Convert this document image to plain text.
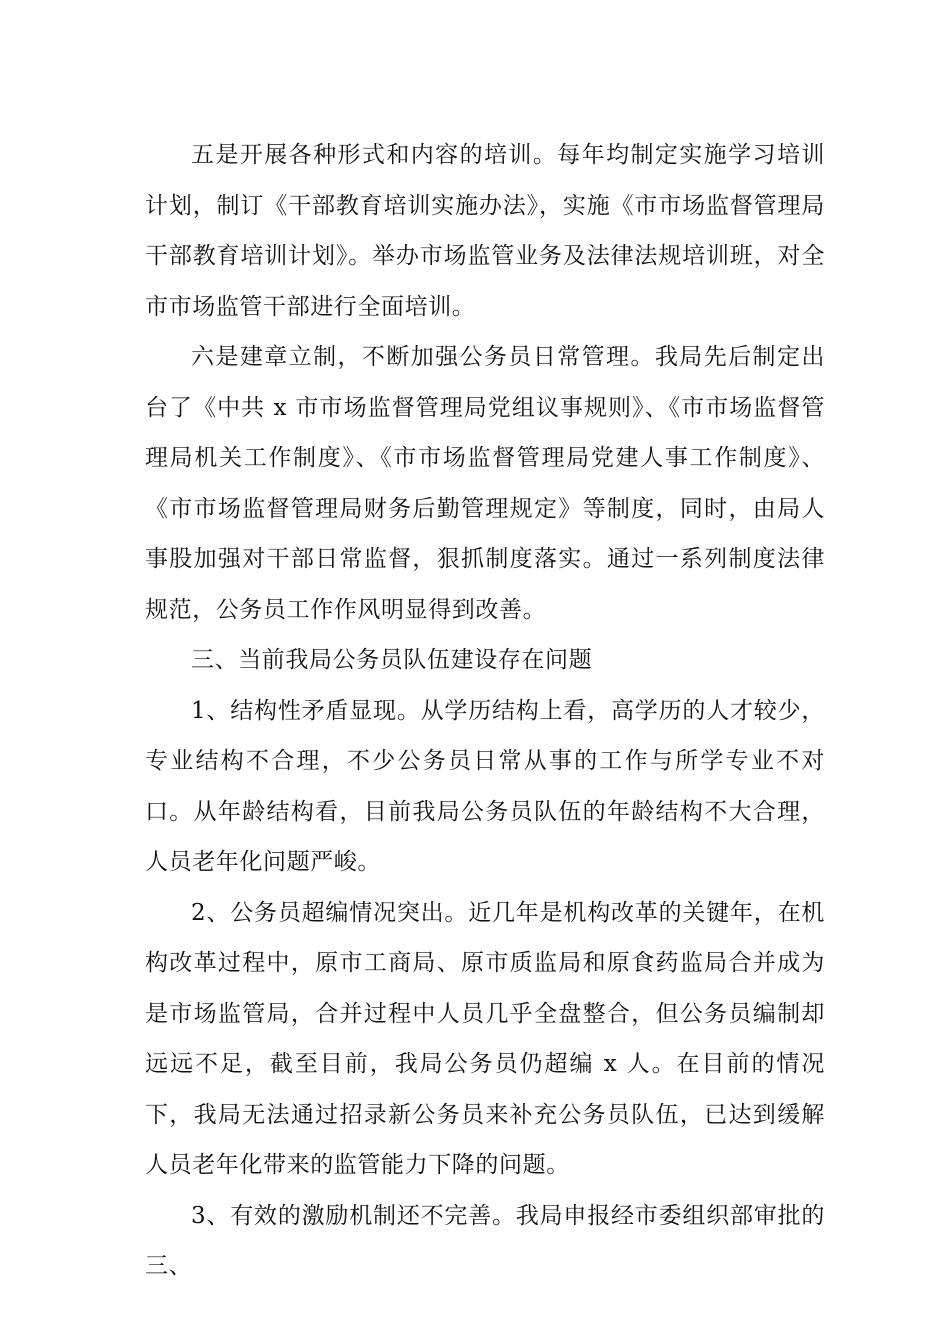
五是开展各种形式和内容的培训。每年均制定实施学习培训计划，制订《干部教育培训实施办法》，实施《市市场监督管理局干部教育培训计划》。举办市场监管业务及法律法规培训班，对全市市场监管干部进行全面培训。

六是建章立制，不断加强公务员日常管理。我局先后制定出台了《中共 x 市市场监督管理局党组议事规则》、《市市场监督管理局机关工作制度》、《市市场监督管理局党建人事工作制度》、《市市场监督管理局财务后勤管理规定》等制度，同时，由局人事股加强对干部日常监督，狠抓制度落实。通过一系列制度法律规范，公务员工作作风明显得到改善。

三、当前我局公务员队伍建设存在问题

1、结构性矛盾显现。从学历结构上看，高学历的人才较少，专业结构不合理，不少公务员日常从事的工作与所学专业不对口。从年龄结构看，目前我局公务员队伍的年龄结构不大合理，人员老年化问题严峻。

2、公务员超编情况突出。近几年是机构改革的关键年，在机构改革过程中，原市工商局、原市质监局和原食药监局合并成为是市场监管局，合并过程中人员几乎全盘整合，但公务员编制却远远不足，截至目前，我局公务员仍超编 x 人。在目前的情况下，我局无法通过招录新公务员来补充公务员队伍，已达到缓解人员老年化带来的监管能力下降的问题。

3、有效的激励机制还不完善。我局申报经市委组织部审批的三、
